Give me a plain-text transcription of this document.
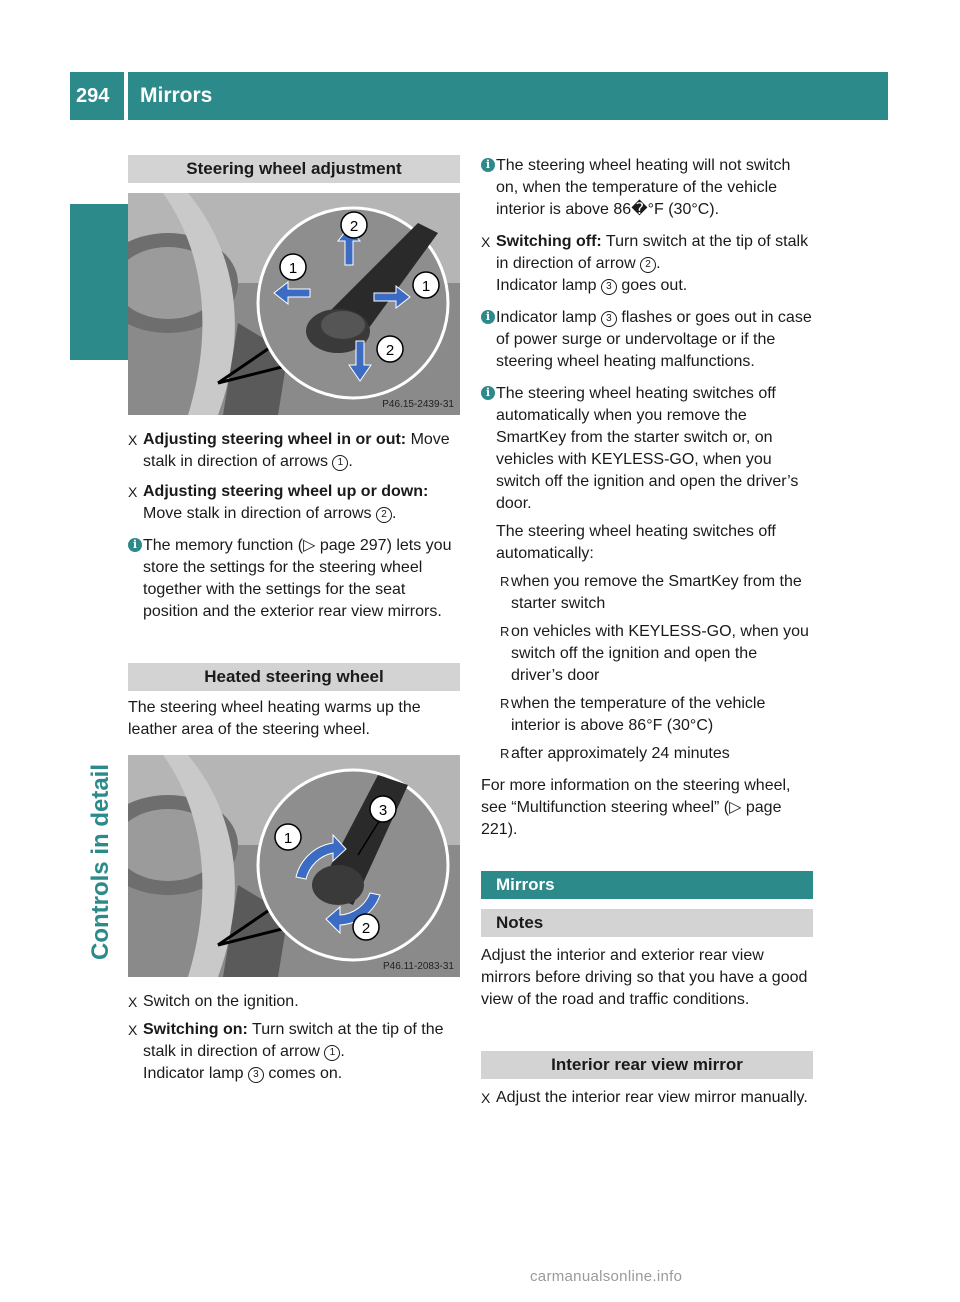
294	Mirrors
Controls in detail
Steering wheel adjustment
2
1
1
2
P46.15-2439-31

X Adjusting steering wheel in or out: Move stalk in direction of arrows 1 .

X Adjusting steering wheel up or down:
Move stalk in direction of arrows 2 .

i The memory function (▷ page 297) lets you store the settings for the steering wheel together with the settings for the seat position and the exterior rear view mirrors.

Heated steering wheel

The steering wheel heating warms up the leather area of the steering wheel.

3
1
2
P46.11-2083-31

X Switch on the ignition.

X Switching on: Turn switch at the tip of the stalk in direction of arrow 1 .

Indicator lamp 3 comes on.

i The steering wheel heating will not switch on, when the temperature of the vehicle interior is above 86�°F (30°C).

X Switching off: Turn switch at the tip of stalk in direction of arrow 2 .

Indicator lamp 3 goes out.

i Indicator lamp 3 flashes or goes out in case of power surge or undervoltage or if the steering wheel heating malfunctions.

i The steering wheel heating switches off automatically when you remove the SmartKey from the starter switch or, on vehicles with KEYLESS-GO, when you switch off the ignition and open the driver’s door.

The steering wheel heating switches off automatically:

R when you remove the SmartKey from the starter switch

R on vehicles with KEYLESS-GO, when you switch off the ignition and open the driver’s door

R when the temperature of the vehicle interior is above 86°F (30°C)

R after approximately 24 minutes

For more information on the steering wheel, see “Multifunction steering wheel” (▷ page 221).

Mirrors
Notes

Adjust the interior and exterior rear view mirrors before driving so that you have a good view of the road and traffic conditions.

Interior rear view mirror

X Adjust the interior rear view mirror manually.

carmanualsonline.info
